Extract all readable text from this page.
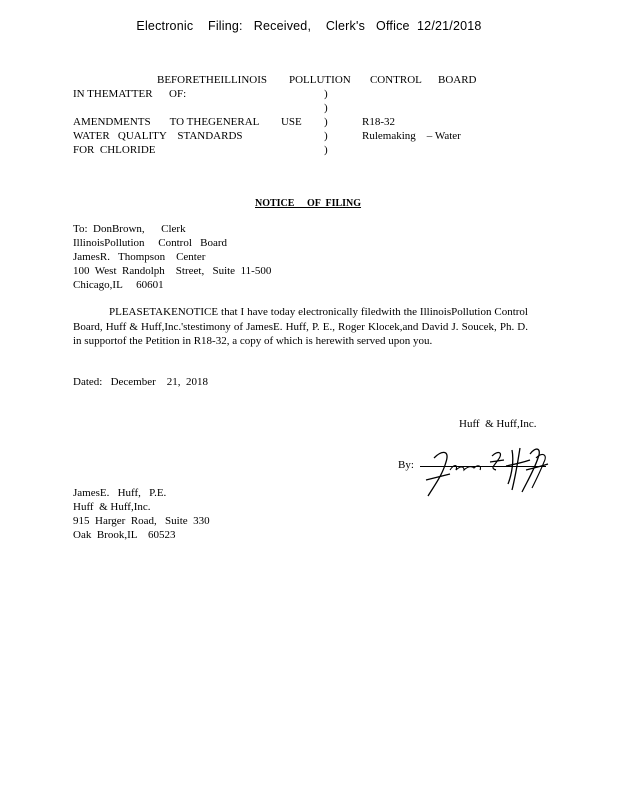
Electronic    Filing:   Received,    Clerk's   Office  12/21/2018
BEFORETHEILLINOIS        POLLUTION       CONTROL      BOARD
IN THEMATTER      OF:
AMENDMENTS       TO THEGENERAL        USE
WATER   QUALITY    STANDARDS
FOR  CHLORIDE
)
)
)
)
)
R18-32
Rulemaking    – Water
NOTICE     OF  FILING
To:  DonBrown,      Clerk
IllinoisPollution     Control   Board
JamesR.   Thompson    Center
100  West  Randolph    Street,   Suite  11-500
Chicago,IL     60601
PLEASETAKENOTICE that I have today electronically filedwith the IllinoisPollution Control Board, Huff & Huff,Inc.'stestimony of JamesE. Huff, P. E., Roger Klocek,and David J. Soucek, Ph. D. in supportof the Petition in R18-32, a copy of which is herewith served upon you.
Dated:   December    21,  2018
Huff  & Huff,Inc.
By:
JamesE.   Huff,   P.E.
Huff  & Huff,Inc.
915  Harger  Road,   Suite  330
Oak  Brook,IL    60523
